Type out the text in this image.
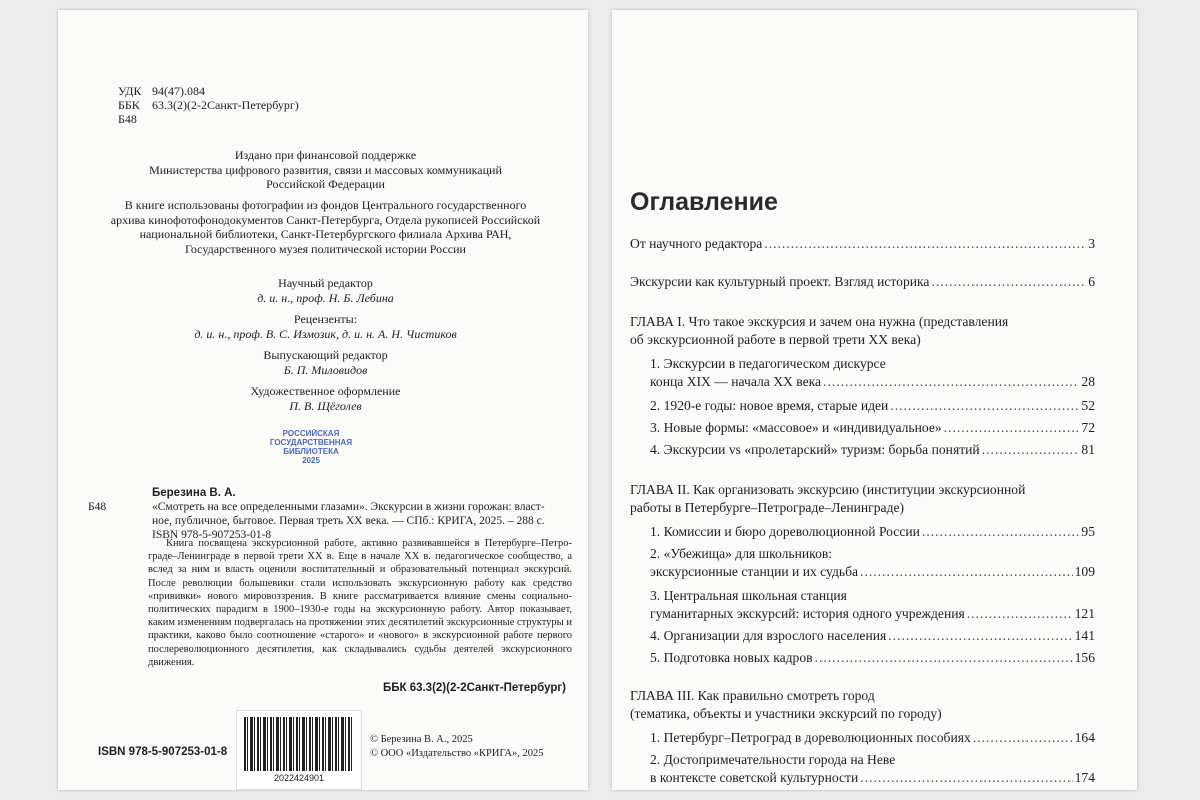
УДК 94(47).084
ББК	63.3(2)(2-2Санкт-Петербург)
Б48
Издано при финансовой поддержке
Министерства цифрового развития, связи и массовых коммуникаций
Российской Федерации
В книге использованы фотографии из фондов Центрального государственного
архива кинофотофонодокументов Санкт-Петербурга, Отдела рукописей Российской
национальной библиотеки, Санкт-Петербургского филиала Архива РАН,
Государственного музея политической истории России
Научный редактор
д. и. н., проф. Н. Б. Лебина
Рецензенты:
д. и. н., проф. В. С. Измозик, д. и. н. А. Н. Чистиков
Выпускающий редактор
Б. П. Миловидов
Художественное оформление
П. В. Щёголев
РОССИЙСКАЯ
ГОСУДАРСТВЕННАЯ
БИБЛИОТЕКА
2025
Березина В. А.
Б48	«Смотреть на все определенными глазами». Экскурсии в жизни горожан: власт-
ное, публичное, бытовое. Первая треть XX века. — СПб.: КРИГА, 2025. – 288 с.
ISBN 978-5-907253-01-8
Книга посвящена экскурсионной работе, активно развивавшейся в Петербурге–Петро-граде–Ленинграде в первой трети XX в. Еще в начале XX в. педагогическое сообщество, а вслед за ним и власть оценили воспитательный и образовательный потенциал экскурсий. После революции большевики стали использовать экскурсионную работу как средство «прививки» нового мировоззрения. В книге рассматривается влияние смены социально-политических парадигм в 1900–1930-е годы на экскурсионную работу. Автор показывает, каким изменениям подвергалась на протяжении этих десятилетий экскурсионные структуры и практики, каково было соотношение «старого» и «нового» в экскурсионной работе первого послереволюционного десятилетия, как складывались судьбы деятелей экскурсионного движения.
ББК 63.3(2)(2-2Санкт-Петербург)
ISBN 978-5-907253-01-8
2022424901
© Березина В. А., 2025
© ООО «Издательство «КРИГА», 2025
Оглавление
От научного редактора .....	3
Экскурсии как культурный проект. Взгляд историка .....	6
ГЛАВА I. Что такое экскурсия и зачем она нужна (представления
об экскурсионной работе в первой трети XX века)
1. Экскурсии в педагогическом дискурсе
конца XIX — начала XX века .....	28
2. 1920-е годы: новое время, старые идеи .....	52
3. Новые формы: «массовое» и «индивидуальное» .....	72
4. Экскурсии vs «пролетарский» туризм: борьба понятий .....	81
ГЛАВА II. Как организовать экскурсию (институции экскурсионной
работы в Петербурге–Петрограде–Ленинграде)
1. Комиссии и бюро дореволюционной России .....	95
2. «Убежища» для школьников:
экскурсионные станции и их судьба .....	109
3. Центральная школьная станция
гуманитарных экскурсий: история одного учреждения .....	121
4. Организации для взрослого населения .....	141
5. Подготовка новых кадров .....	156
ГЛАВА III. Как правильно смотреть город
(тематика, объекты и участники экскурсий по городу)
1. Петербург–Петроград в дореволюционных пособиях .....	164
2. Достопримечательности города на Неве
в контексте советской культурности .....	174
